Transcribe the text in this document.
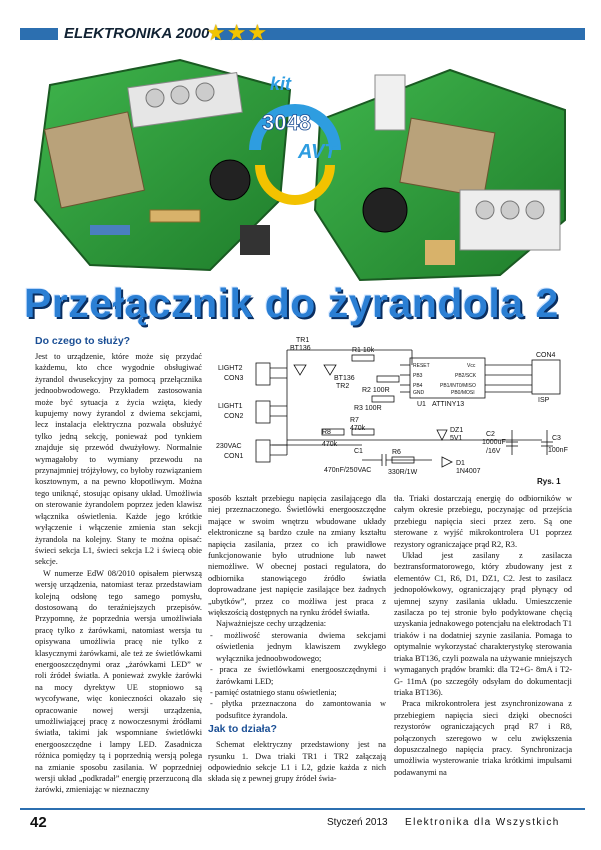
ELEKTRONIKA 2000
★★★
kit
3048
AVT
Przełącznik do żyrandola 2
Do czego to służy?

Jest to urządzenie, które może się przydać każdemu, kto chce wygodnie obsługiwać żyrandol dwusekcyjny za pomocą przełącznika jednoobwodowego. Przykładem zastosowania może być sytuacja z życia wzięta, kiedy kupujemy nowy żyrandol z dwiema sekcjami, lecz instalacja elektryczna pozwala obsłużyć tylko jedną sekcję, ponieważ pod tynkiem znajduje się przewód dwużyłowy. Normalnie wymagałoby to wymiany przewodu na przynajmniej trójżyłowy, co byłoby rozwiązaniem kosztownym, a na pewno kłopotliwym. Można tego uniknąć, stosując opisany układ. Umożliwia on sterowanie żyrandolem poprzez jeden klawisz włącznika oświetlenia. Każde jego krótkie wyłączenie i włączenie zmienia stan sekcji żyrandola na kolejny. Stany te można opisać: świeci sekcja L1, świeci sekcja L2 i świecą obie sekcje.

W numerze EdW 08/2010 opisałem pierwszą wersję urządzenia, natomiast teraz przedstawiam kolejną odsłonę tego samego pomysłu, dostosowaną do teraźniejszych przepisów. Przypomnę, że poprzednia wersja umożliwiała pracę tylko z żarówkami, natomiast wersja tu opisywana umożliwia pracę nie tylko z klasycznymi żarówkami, ale też ze świetlówkami energooszczędnymi oraz „żarówkami LED” w roli źródeł światła. A ponieważ zwykłe żarówki na mocy dyrektyw UE stopniowo są wycofywane, więc konieczności okazało się opracowanie nowej wersji urządzenia, umożliwiającej pracę z nowoczesnymi źródłami światła, takimi jak wspomniane świetlówki energooszczędne i lampy LED. Zasadnicza różnica pomiędzy tą i poprzednią wersją polega na zmianie sposobu zasilania. W poprzedniej wersji układ „podkradał” energię przerzuconą dla żarówki, zmieniając w nieznaczny

TR1
BT136
BT136
TR2
LIGHT2
CON3
LIGHT1
CON2
230VAC
CON1
R1 10k
R2 100R
R3 100R
R7
470k
R8
470k
C1
470nF/250VAC
R6
330R/1W
DZ1
5V1
D1
1N4007
C2
1000uF
/16V
C3
100nF
U1 ATTINY13
RESET
PB3
PB4
GND
Vcc
PB2/SCK
PB1/INT0/MISO
PB0/MOSI
CON4
ISP
Rys. 1

sposób kształt przebiegu napięcia zasilającego dla niej przeznaczonego. Świetlówki energooszczędne mające w swoim wnętrzu wbudowane układy elektroniczne są bardzo czułe na zmiany kształtu napięcia zasilania, przez co ich prawidłowe funkcjonowanie było utrudnione lub nawet niemożliwe. W obecnej postaci regulatora, do odbiornika stanowiącego źródło światła doprowadzane jest napięcie zasilające bez żadnych „ubytków”, przez co możliwa jest praca z większością dostępnych na rynku źródeł światła.

Najważniejsze cechy urządzenia:

- możliwość sterowania dwiema sekcjami oświetlenia jednym klawiszem zwykłego wyłącznika jednoobwodowego;
- praca ze świetlówkami energooszczędnymi i żarówkami LED;
- pamięć ostatniego stanu oświetlenia;
- płytka przeznaczona do zamontowania w podsufitce żyrandola.
Jak to działa?

Schemat elektryczny przedstawiony jest na rysunku 1. Dwa triaki TR1 i TR2 załączają odpowiednio sekcje L1 i L2, gdzie każda z nich składa się z pewnej grupy źródeł świa-

tła. Triaki dostarczają energię do odbiorników w całym okresie przebiegu, poczynając od przejścia przebiegu napięcia sieci przez zero. Są one sterowane z wyjść mikrokontrolera U1 poprzez rezystory ograniczające prąd R2, R3.

Układ jest zasilany z zasilacza beztransformatorowego, który zbudowany jest z elementów C1, R6, D1, DZ1, C2. Jest to zasilacz jednopołówkowy, ograniczający prąd płynący od ujemnej szyny zasilania układu. Umieszczenie zasilacza po tej stronie było podyktowane chęcią uzyskania jednakowego potencjału na elektrodach T1 triaków i na dodatniej szynie zasilania. Pomaga to optymalnie wykorzystać charakterystykę sterowania triaka BT136, czyli pozwala na używanie mniejszych wymaganych prądów bramki: dla T2+G- 8mA i T2-G- 11mA (po szczegóły odsyłam do dokumentacji triaka BT136).

Praca mikrokontrolera jest zsynchronizowana z przebiegiem napięcia sieci dzięki obecności rezystorów ograniczających prąd R7 i R8, połączonych szeregowo w celu zwiększenia dopuszczalnego napięcia pracy. Synchronizacja umożliwia wysterowanie triaka krótkimi impulsami podawanymi na

42	Styczeń 2013 Elektronika dla Wszystkich
